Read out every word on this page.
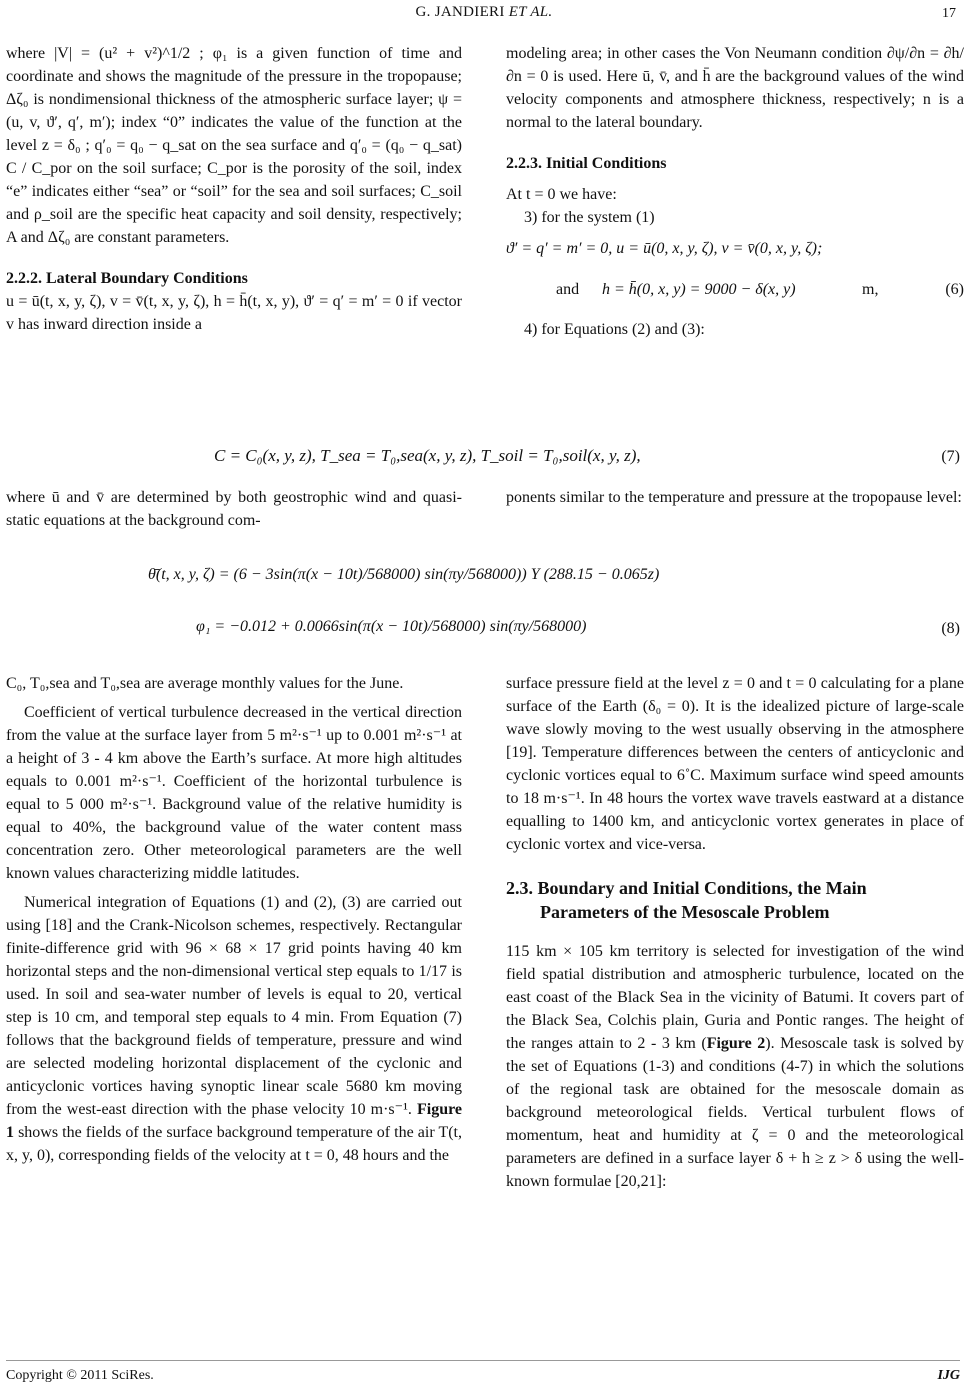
G. JANDIERI ET AL.	17

where |V| = (u² + v²)^1/2 ; φ₁ is a given function of time and coordinate and shows the magnitude of the pressure in the tropopause; Δζ₀ is nondimensional thickness of the atmospheric surface layer; ψ = (u, v, ϑ′, q′, m′); index “0” indicates the value of the function at the level z = δ₀ ; q′₀ = q₀ − q_sat on the sea surface and q′₀ = (q₀ − q_sat) C / C_por on the soil surface; C_por is the porosity of the soil, index “e” indicates either “sea” or “soil” for the sea and soil surfaces; C_soil and ρ_soil are the specific heat capacity and soil density, respectively; A and Δζ₀ are constant parameters.

2.2.2. Lateral Boundary Conditions

u = ū(t, x, y, ζ), v = v̄(t, x, y, ζ), h = h̄(t, x, y), ϑ′ = q′ = m′ = 0 if vector v has inward direction inside a

modeling area; in other cases the Von Neumann condition ∂ψ/∂n = ∂h/∂n = 0 is used. Here ū, v̄, and h̄ are the background values of the wind velocity components and atmosphere thickness, respectively; n is a normal to the lateral boundary.

2.2.3. Initial Conditions

At t = 0 we have:

3) for the system (1)

ϑ′ = q′ = m′ = 0, u = ū(0, x, y, ζ), v = v̄(0, x, y, ζ);

and h = h̄(0, x, y) = 9000 − δ(x, y)	m,	(6)

4) for Equations (2) and (3):

C = C₀(x, y, z), T_sea = T₀,sea(x, y, z), T_soil = T₀,soil(x, y, z),	(7)

where ū and v̄ are determined by both geostrophic wind and quasi-static equations at the background com-

ponents similar to the temperature and pressure at the tropopause level:

θ̄(t, x, y, ζ) = (6 − 3sin(π(x − 10t)/568000) sin(πy/568000)) Y (288.15 − 0.065z)
φ₁ = −0.012 + 0.0066sin(π(x − 10t)/568000) sin(πy/568000)	(8)

C₀, T₀,sea and T₀,sea are average monthly values for the June.

Coefficient of vertical turbulence decreased in the vertical direction from the value at the surface layer from 5 m²·s⁻¹ up to 0.001 m²·s⁻¹ at a height of 3 - 4 km above the Earth’s surface. At more high altitudes equals to 0.001 m²·s⁻¹. Coefficient of the horizontal turbulence is equal to 5 000 m²·s⁻¹. Background value of the relative humidity is equal to 40%, the background value of the water content mass concentration zero. Other meteorological parameters are the well known values characterizing middle latitudes.

Numerical integration of Equations (1) and (2), (3) are carried out using [18] and the Crank-Nicolson schemes, respectively. Rectangular finite-difference grid with 96 × 68 × 17 grid points having 40 km horizontal steps and the non-dimensional vertical step equals to 1/17 is used. In soil and sea-water number of levels is equal to 20, vertical step is 10 cm, and temporal step equals to 4 min. From Equation (7) follows that the background fields of temperature, pressure and wind are selected modeling horizontal displacement of the cyclonic and anticyclonic vortices having synoptic linear scale 5680 km moving from the west-east direction with the phase velocity 10 m·s⁻¹. Figure 1 shows the fields of the surface background temperature of the air T(t, x, y, 0), corresponding fields of the velocity at t = 0, 48 hours and the

surface pressure field at the level z = 0 and t = 0 calculating for a plane surface of the Earth (δ₀ = 0). It is the idealized picture of large-scale wave slowly moving to the west usually observing in the atmosphere [19]. Temperature differences between the centers of anticyclonic and cyclonic vortices equal to 6˚C. Maximum surface wind speed amounts to 18 m·s⁻¹. In 48 hours the vortex wave travels eastward at a distance equalling to 1400 km, and anticyclonic vortex generates in place of cyclonic vortex and vice-versa.

2.3. Boundary and Initial Conditions, the Main
Parameters of the Mesoscale Problem

115 km × 105 km territory is selected for investigation of the wind field spatial distribution and atmospheric turbulence, located on the east coast of the Black Sea in the vicinity of Batumi. It covers part of the Black Sea, Colchis plain, Guria and Pontic ranges. The height of the ranges attain to 2 - 3 km (Figure 2). Mesoscale task is solved by the set of Equations (1-3) and conditions (4-7) in which the solutions of the regional task are obtained for the mesoscale domain as background meteorological fields. Vertical turbulent flows of momentum, heat and humidity at ζ = 0 and the meteorological parameters are defined in a surface layer δ + h ≥ z > δ using the well-known formulae [20,21]:

Copyright © 2011 SciRes.	IJG
